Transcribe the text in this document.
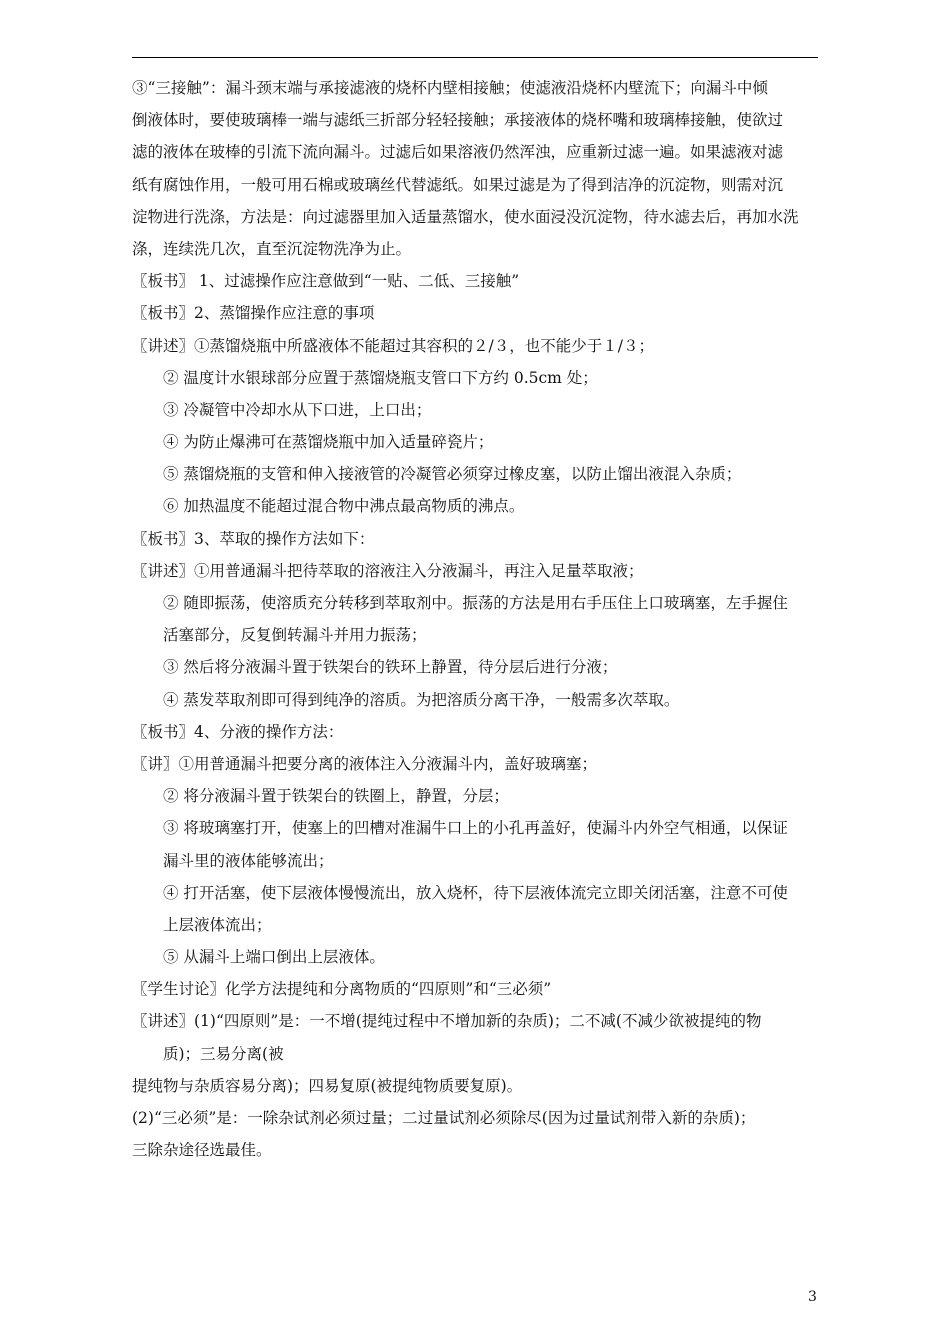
③“三接触”：漏斗颈末端与承接滤液的烧杯内壁相接触；使滤液沿烧杯内壁流下；向漏斗中倾
倒液体时，要使玻璃棒一端与滤纸三折部分轻轻接触；承接液体的烧杯嘴和玻璃棒接触，使欲过
滤的液体在玻棒的引流下流向漏斗。过滤后如果溶液仍然浑浊，应重新过滤一遍。如果滤液对滤
纸有腐蚀作用，一般可用石棉或玻璃丝代替滤纸。如果过滤是为了得到洁净的沉淀物，则需对沉
淀物进行洗涤，方法是：向过滤器里加入适量蒸馏水，使水面浸没沉淀物，待水滤去后，再加水洗
涤，连续洗几次，直至沉淀物洗净为止。
〖板书〗 1、过滤操作应注意做到“一贴、二低、三接触”
〖板书〗2、蒸馏操作应注意的事项
〖讲述〗①蒸馏烧瓶中所盛液体不能超过其容积的２/３，也不能少于１/３；
② 温度计水银球部分应置于蒸馏烧瓶支管口下方约 0.5cm 处；
③ 冷凝管中冷却水从下口进，上口出；
④ 为防止爆沸可在蒸馏烧瓶中加入适量碎瓷片；
⑤ 蒸馏烧瓶的支管和伸入接液管的冷凝管必须穿过橡皮塞，以防止馏出液混入杂质；
⑥ 加热温度不能超过混合物中沸点最高物质的沸点。
〖板书〗3、萃取的操作方法如下：
〖讲述〗①用普通漏斗把待萃取的溶液注入分液漏斗，再注入足量萃取液；
② 随即振荡，使溶质充分转移到萃取剂中。振荡的方法是用右手压住上口玻璃塞，左手握住
活塞部分，反复倒转漏斗并用力振荡；
③ 然后将分液漏斗置于铁架台的铁环上静置，待分层后进行分液；
④ 蒸发萃取剂即可得到纯净的溶质。为把溶质分离干净，一般需多次萃取。
〖板书〗4、分液的操作方法：
〖讲〗①用普通漏斗把要分离的液体注入分液漏斗内，盖好玻璃塞；
② 将分液漏斗置于铁架台的铁圈上，静置，分层；
③ 将玻璃塞打开，使塞上的凹槽对准漏牛口上的小孔再盖好，使漏斗内外空气相通，以保证
漏斗里的液体能够流出；
④ 打开活塞，使下层液体慢慢流出，放入烧杯，待下层液体流完立即关闭活塞，注意不可使
上层液体流出；
⑤ 从漏斗上端口倒出上层液体。
〖学生讨论〗化学方法提纯和分离物质的“四原则”和“三必须”
〖讲述〗(1)“四原则”是：一不增(提纯过程中不增加新的杂质)；二不减(不减少欲被提纯的物
质)；三易分离(被
提纯物与杂质容易分离)；四易复原(被提纯物质要复原)。
(2)“三必须”是：一除杂试剂必须过量；二过量试剂必须除尽(因为过量试剂带入新的杂质)；
三除杂途径选最佳。
3
